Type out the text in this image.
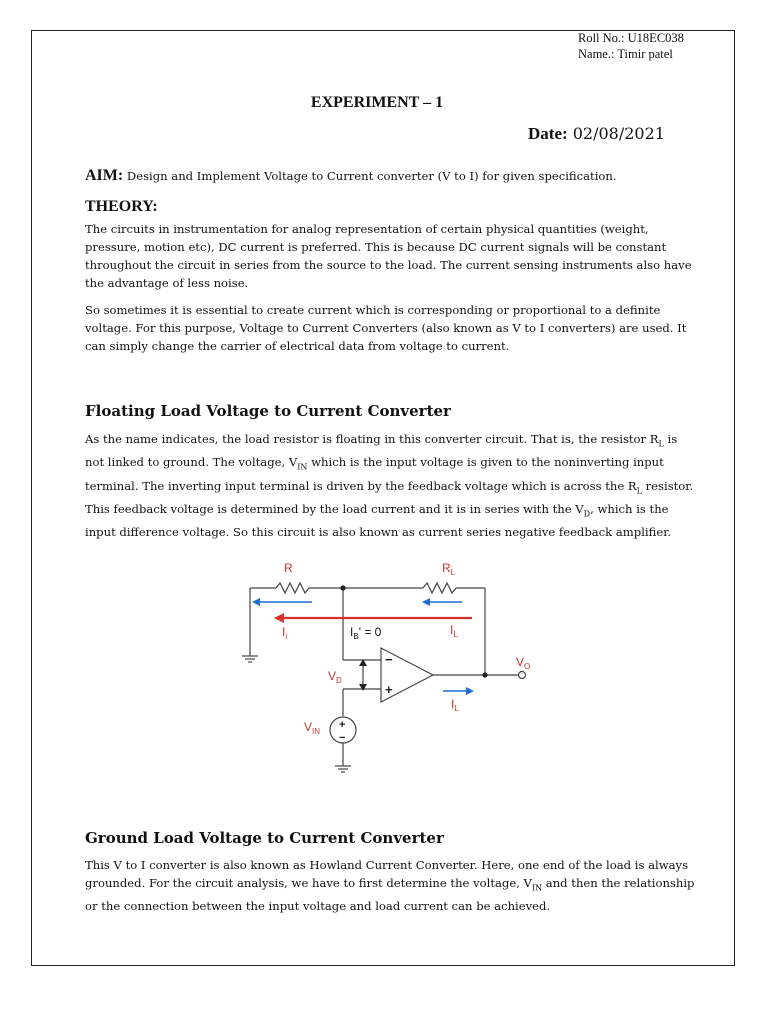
Roll No.: U18EC038
Name.: Timir patel
EXPERIMENT – 1
Date: 02/08/2021
AIM: Design and Implement Voltage to Current converter (V to I) for given specification.
THEORY:
The circuits in instrumentation for analog representation of certain physical quantities (weight, pressure, motion etc), DC current is preferred. This is because DC current signals will be constant throughout the circuit in series from the source to the load. The current sensing instruments also have the advantage of less noise.
So sometimes it is essential to create current which is corresponding or proportional to a definite voltage. For this purpose, Voltage to Current Converters (also known as V to I converters) are used. It can simply change the carrier of electrical data from voltage to current.
Floating Load Voltage to Current Converter
As the name indicates, the load resistor is floating in this converter circuit. That is, the resistor $R_L$ is not linked to ground. The voltage, $V_{IN}$ which is the input voltage is given to the noninverting input terminal. The inverting input terminal is driven by the feedback voltage which is across the $R_L$ resistor.
This feedback voltage is determined by the load current and it is in series with the $V_D$, which is the input difference voltage. So this circuit is also known as current series negative feedback amplifier.
R	$R_L$
$I_i$	$I_B' = 0$	$I_L$
$V_D$
$V_O$
$I_L$
$V_{IN}$
−
+
+
−
Ground Load Voltage to Current Converter
This V to I converter is also known as Howland Current Converter. Here, one end of the load is always grounded. For the circuit analysis, we have to first determine the voltage, $V_{IN}$ and then the relationship or the connection between the input voltage and load current can be achieved.
